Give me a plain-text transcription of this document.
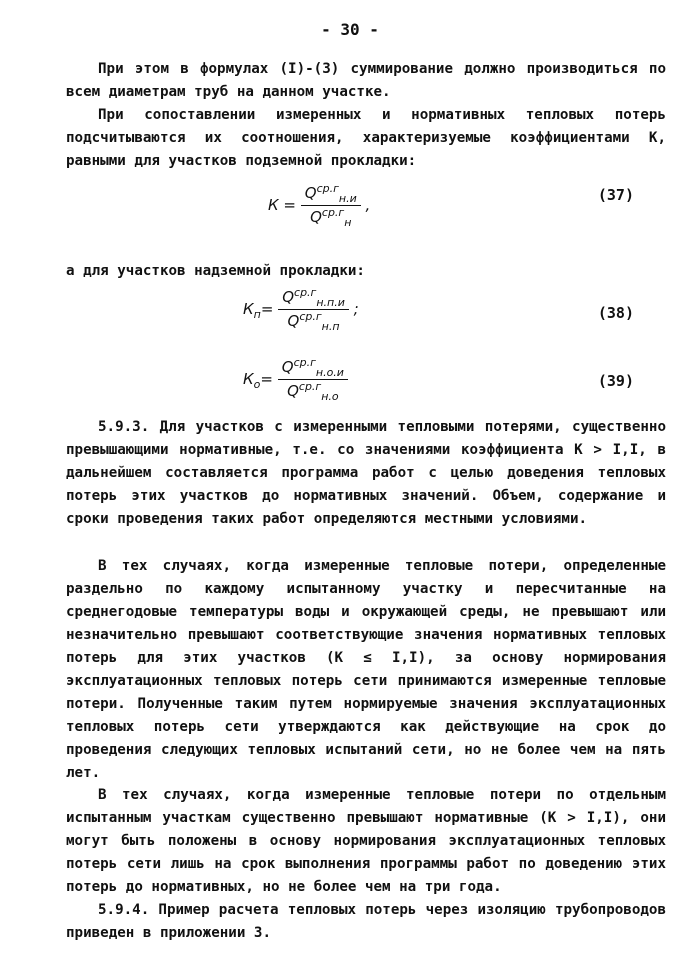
- 30 -

При этом в формулах (I)-(3) суммирование должно производиться по всем диаметрам труб на данном участке.

При сопоставлении измеренных и нормативных тепловых потерь подсчитываются их соотношения, характеризуемые коэффициентами К, равными для участков подземной прокладки:

$К = \frac{Q^{ср.г}_{н.и}}{Q^{ср.г}_н}$ ,
(37)

а для участков надземной прокладки:

$К_п= \frac{Q^{ср.г}_{н.п.и}}{Q^{ср.г}_{н.п}}$ ;	(38)
$К_о= \frac{Q^{ср.г}_{н.о.и}}{Q^{ср.г}_{н.о}}$	(39)

5.9.3. Для участков с измеренными тепловыми потерями, существенно превышающими нормативные, т.е. со значениями коэффициента К > I,I, в дальнейшем составляется программа работ с целью доведения тепловых потерь этих участков до нормативных значений. Объем, содержание и сроки проведения таких работ определяются местными условиями.

В тех случаях, когда измеренные тепловые потери, определенные раздельно по каждому испытанному участку и пересчитанные на среднегодовые температуры воды и окружающей среды, не превышают или незначительно превышают соответствующие значения нормативных тепловых потерь для этих участков (К ≤ I,I), за основу нормирования эксплуатационных тепловых потерь сети принимаются измеренные тепловые потери. Полученные таким путем нормируемые значения эксплуатационных тепловых потерь сети утверждаются как действующие на срок до проведения следующих тепловых испытаний сети, но не более чем на пять лет.

В тех случаях, когда измеренные тепловые потери по отдельным испытанным участкам существенно превышают нормативные (К > I,I), они могут быть положены в основу нормирования эксплуатационных тепловых потерь сети лишь на срок выполнения программы работ по доведению этих потерь до нормативных, но не более чем на три года.

5.9.4. Пример расчета тепловых потерь через изоляцию трубопроводов приведен в приложении 3.
